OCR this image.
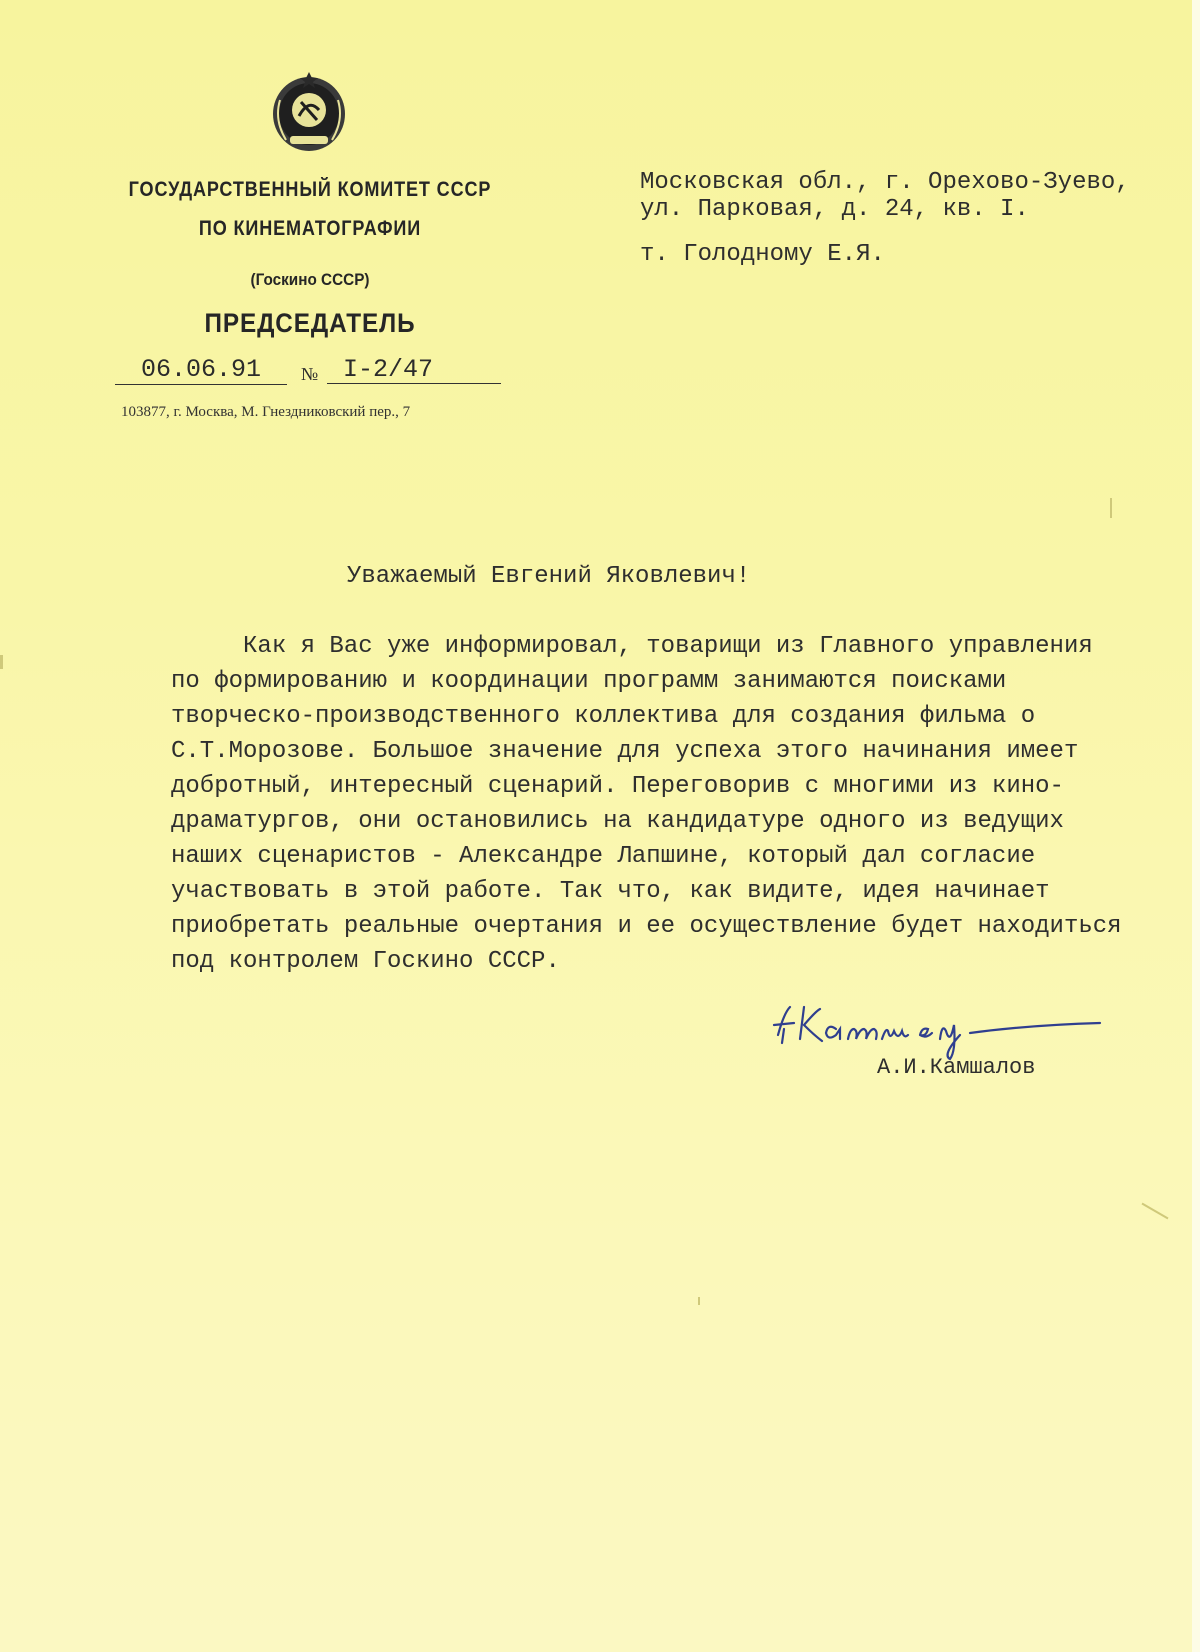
ГОСУДАРСТВЕННЫЙ КОМИТЕТ СССР
ПО КИНЕМАТОГРАФИИ
(Госкино СССР)
ПРЕДСЕДАТЕЛЬ
06.06.91	№ I-2/47
103877, г. Москва, М. Гнездниковский пер., 7
Московская обл., г. Орехово-Зуево,
ул. Парковая, д. 24, кв. I.
т. Голодному Е.Я.
Уважаемый Евгений Яковлевич!
Как я Вас уже информировал, товарищи из Главного управления
по формированию и координации программ занимаются поисками
творческо-производственного коллектива для создания фильма о
С.Т.Морозове. Большое значение для успеха этого начинания имеет
добротный, интересный сценарий. Переговорив с многими из кино-
драматургов, они остановились на кандидатуре одного из ведущих
наших сценаристов - Александре Лапшине, который дал согласие
участвовать в этой работе. Так что, как видите, идея начинает
приобретать реальные очертания и ее осуществление будет находиться
под контролем Госкино СССР.
А.И.Камшалов
